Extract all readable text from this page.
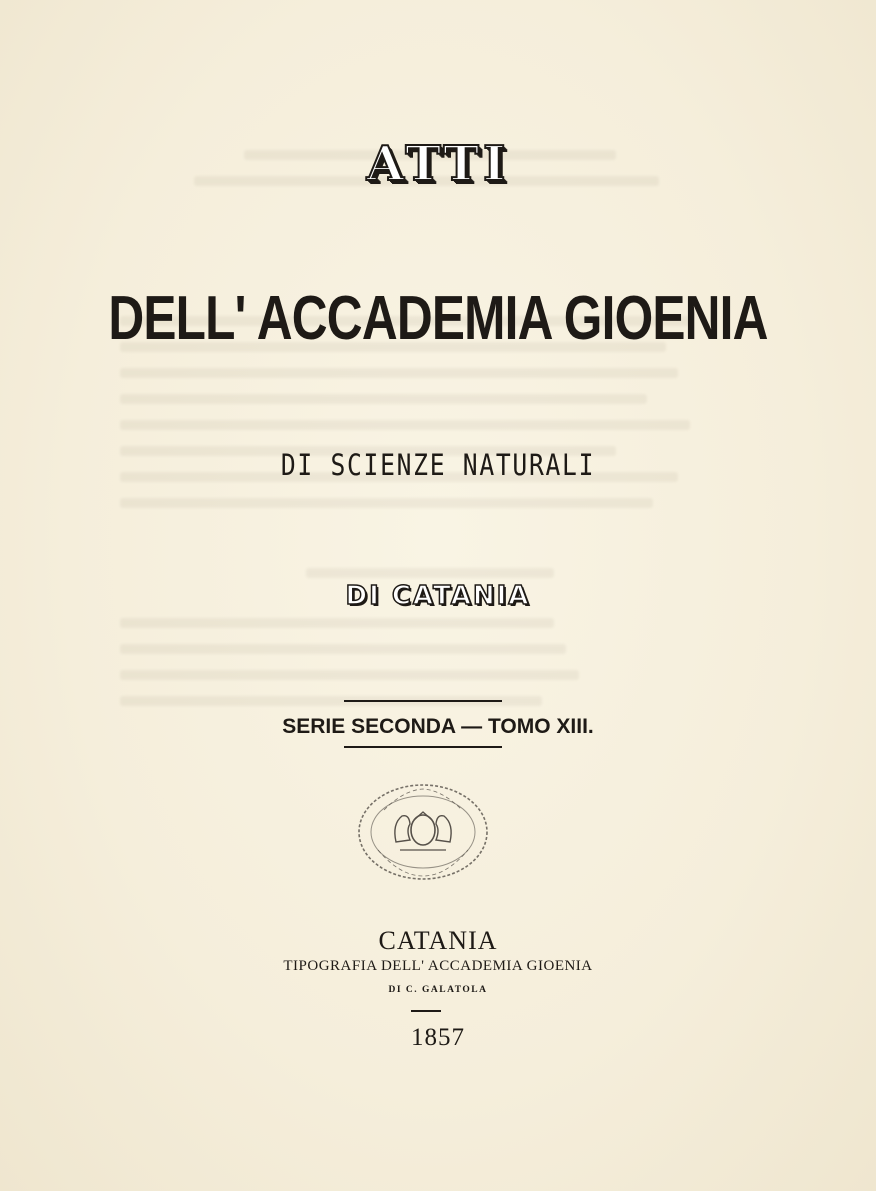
ATTI
DELL' ACCADEMIA GIOENIA
DI SCIENZE NATURALI
DI CATANIA
SERIE SECONDA — TOMO XIII.
CATANIA
TIPOGRAFIA DELL' ACCADEMIA GIOENIA
DI C. GALATOLA
1857
